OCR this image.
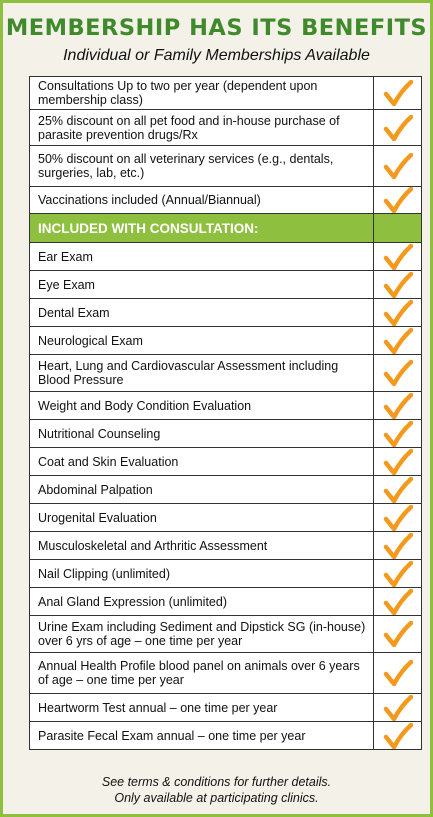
MEMBERSHIP HAS ITS BENEFITS
Individual or Family Memberships Available
Consultations Up to two per year (dependent upon membership class)	
25% discount on all pet food and in-house purchase of parasite prevention drugs/Rx	
50% discount on all veterinary services (e.g., dentals, surgeries, lab, etc.)	
Vaccinations included (Annual/Biannual)	
INCLUDED WITH CONSULTATION:	
Ear Exam	
Eye Exam	
Dental Exam	
Neurological Exam	
Heart, Lung and Cardiovascular Assessment including Blood Pressure	
Weight and Body Condition Evaluation	
Nutritional Counseling	
Coat and Skin Evaluation	
Abdominal Palpation	
Urogenital Evaluation	
Musculoskeletal and Arthritic Assessment	
Nail Clipping (unlimited)	
Anal Gland Expression (unlimited)	
Urine Exam including Sediment and Dipstick SG (in-house) over 6 yrs of age – one time per year	
Annual Health Profile blood panel on animals over 6 years of age – one time per year	
Heartworm Test annual – one time per year	
Parasite Fecal Exam annual – one time per year	
See terms & conditions for further details.
Only available at participating clinics.
